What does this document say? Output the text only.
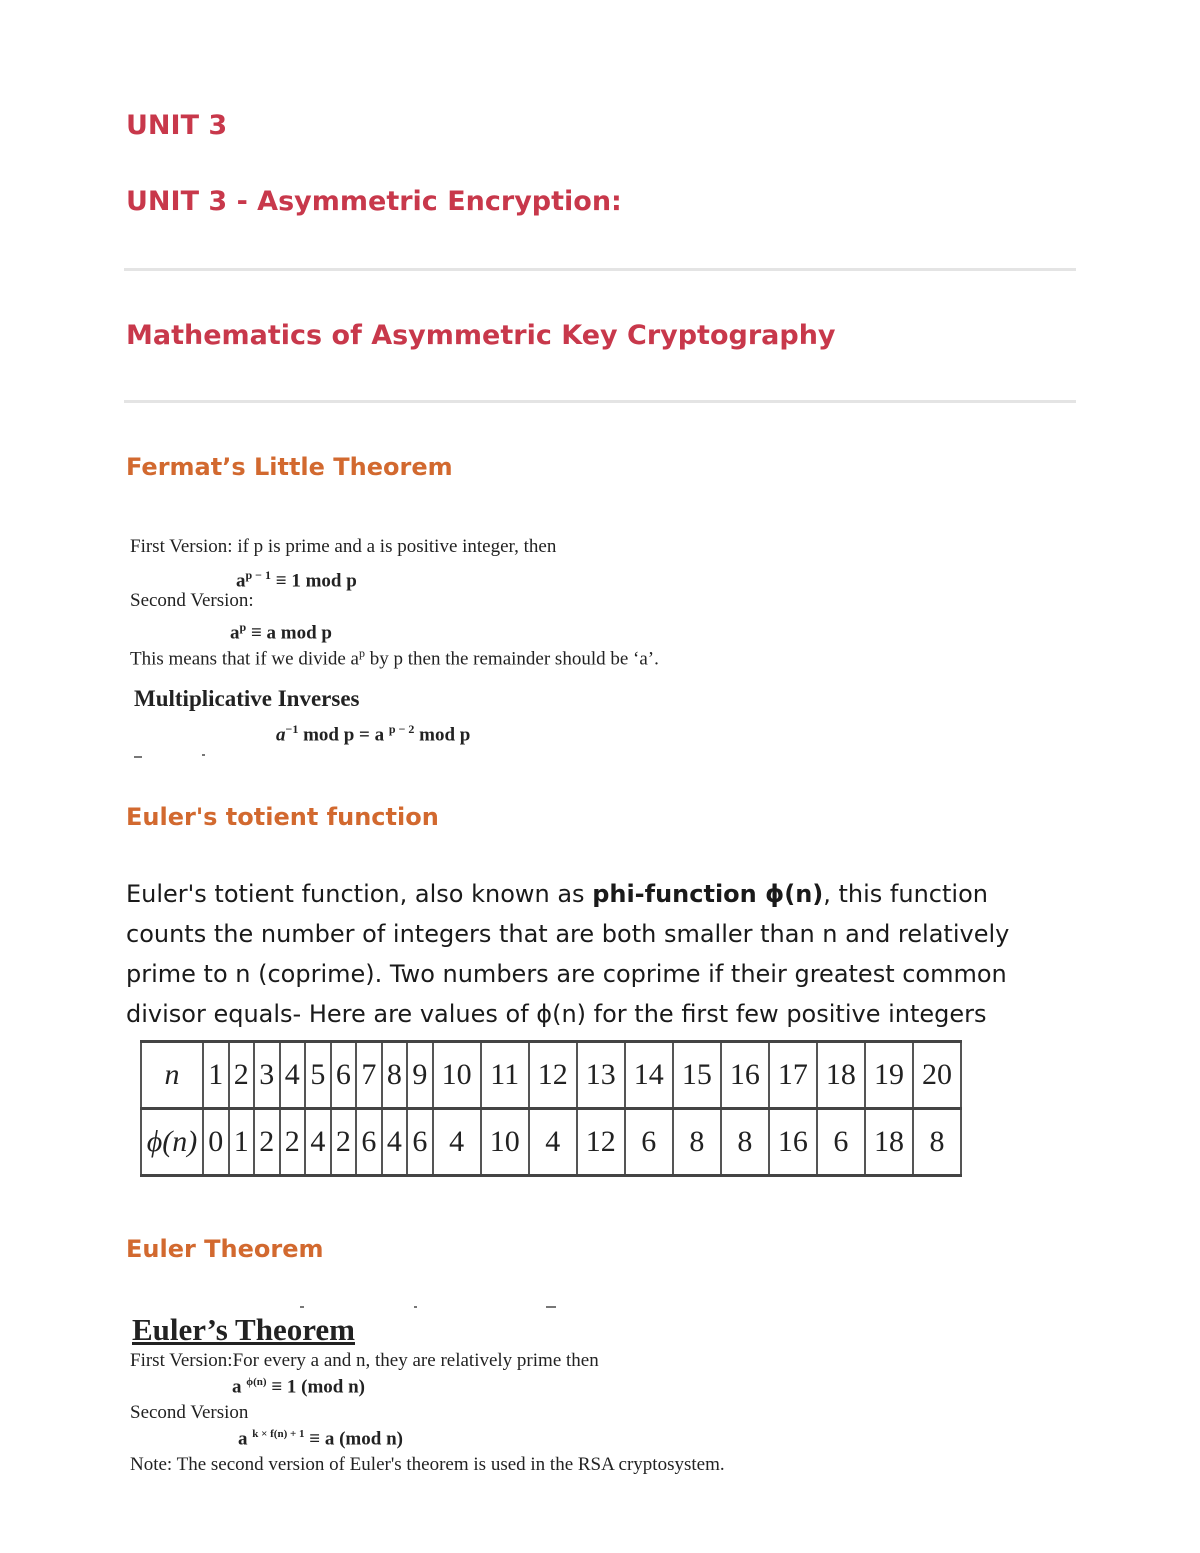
UNIT 3
UNIT 3 - Asymmetric Encryption:
Mathematics of Asymmetric Key Cryptography
Fermat’s Little Theorem
First Version: if p is prime and a is positive integer, then
$a^{p - 1} \equiv 1$ mod p
Second Version:
$a^p \equiv a$ mod p
This means that if we divide $a^p$ by p then the remainder should be ‘a’.
Multiplicative Inverses
$a^{-1}$ mod p = a $^{p - 2}$ mod p
Euler's totient function

Euler's totient function, also known as phi-function ϕ(n), this function counts the number of integers that are both smaller than n and relatively prime to n (coprime). Two numbers are coprime if their greatest common divisor equals- Here are values of ϕ(n) for the first few positive integers

n	1	2	3	4	5	6	7	8	9	10	11	12	13	14	15	16	17	18	19	20
ϕ(n)	0	1	2	2	4	2	6	4	6	4	10	4	12	6	8	8	16	6	18	8
Euler Theorem
Euler’s Theorem
First Version:For every a and n, they are relatively prime then
a $^{\phi(n)}$ ≡ 1 (mod n)
Second Version
a $^{k \times f(n) + 1}$ ≡ a (mod n)
Note: The second version of Euler's theorem is used in the RSA cryptosystem.
